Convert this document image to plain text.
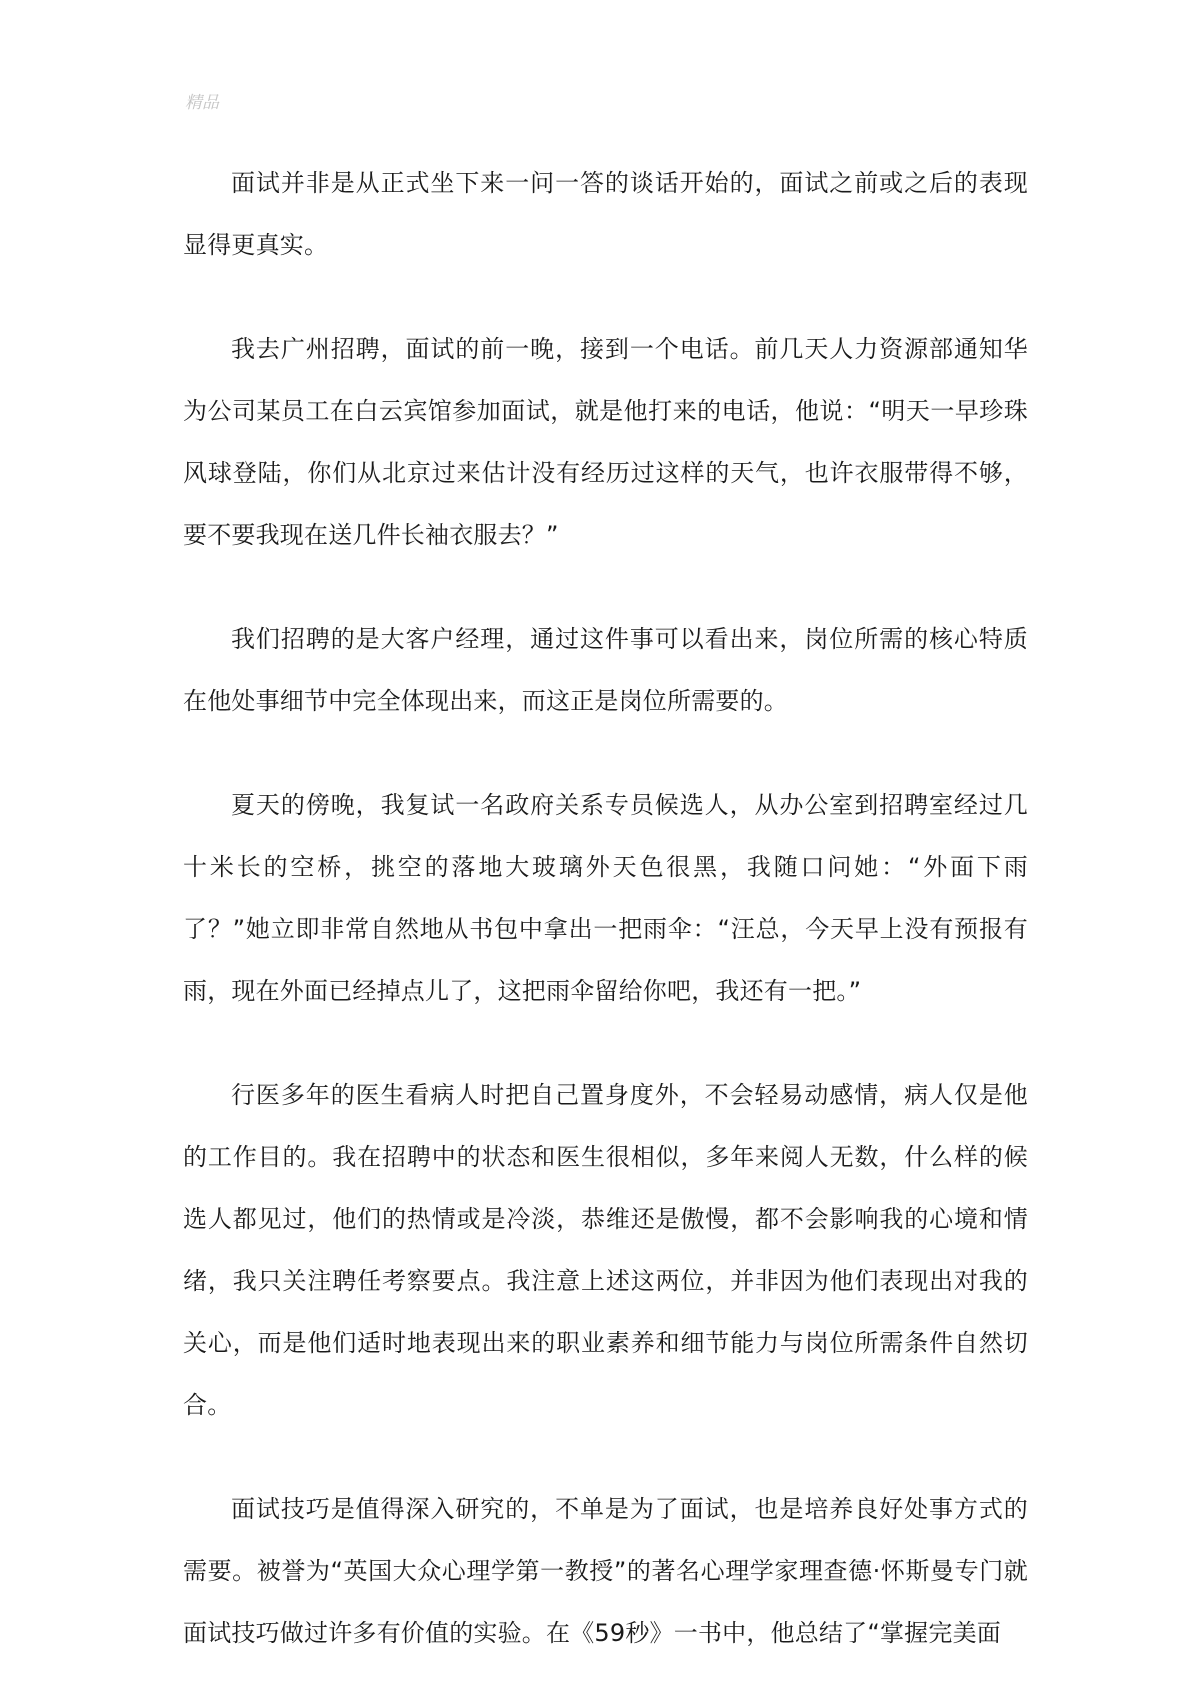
精品

面试并非是从正式坐下来一问一答的谈话开始的，面试之前或之后的表现显得更真实。

我去广州招聘，面试的前一晚，接到一个电话。前几天人力资源部通知华为公司某员工在白云宾馆参加面试，就是他打来的电话，他说：“明天一早珍珠风球登陆，你们从北京过来估计没有经历过这样的天气，也许衣服带得不够，要不要我现在送几件长袖衣服去？”

我们招聘的是大客户经理，通过这件事可以看出来，岗位所需的核心特质在他处事细节中完全体现出来，而这正是岗位所需要的。

夏天的傍晚，我复试一名政府关系专员候选人，从办公室到招聘室经过几十米长的空桥，挑空的落地大玻璃外天色很黑，我随口问她：“外面下雨了？”她立即非常自然地从书包中拿出一把雨伞：“汪总，今天早上没有预报有雨，现在外面已经掉点儿了，这把雨伞留给你吧，我还有一把。”

行医多年的医生看病人时把自己置身度外，不会轻易动感情，病人仅是他的工作目的。我在招聘中的状态和医生很相似，多年来阅人无数，什么样的候选人都见过，他们的热情或是冷淡，恭维还是傲慢，都不会影响我的心境和情绪，我只关注聘任考察要点。我注意上述这两位，并非因为他们表现出对我的关心，而是他们适时地表现出来的职业素养和细节能力与岗位所需条件自然切合。

面试技巧是值得深入研究的，不单是为了面试，也是培养良好处事方式的需要。被誉为“英国大众心理学第一教授”的著名心理学家理查德·怀斯曼专门就面试技巧做过许多有价值的实验。在《59秒》一书中，他总结了“掌握完美面
